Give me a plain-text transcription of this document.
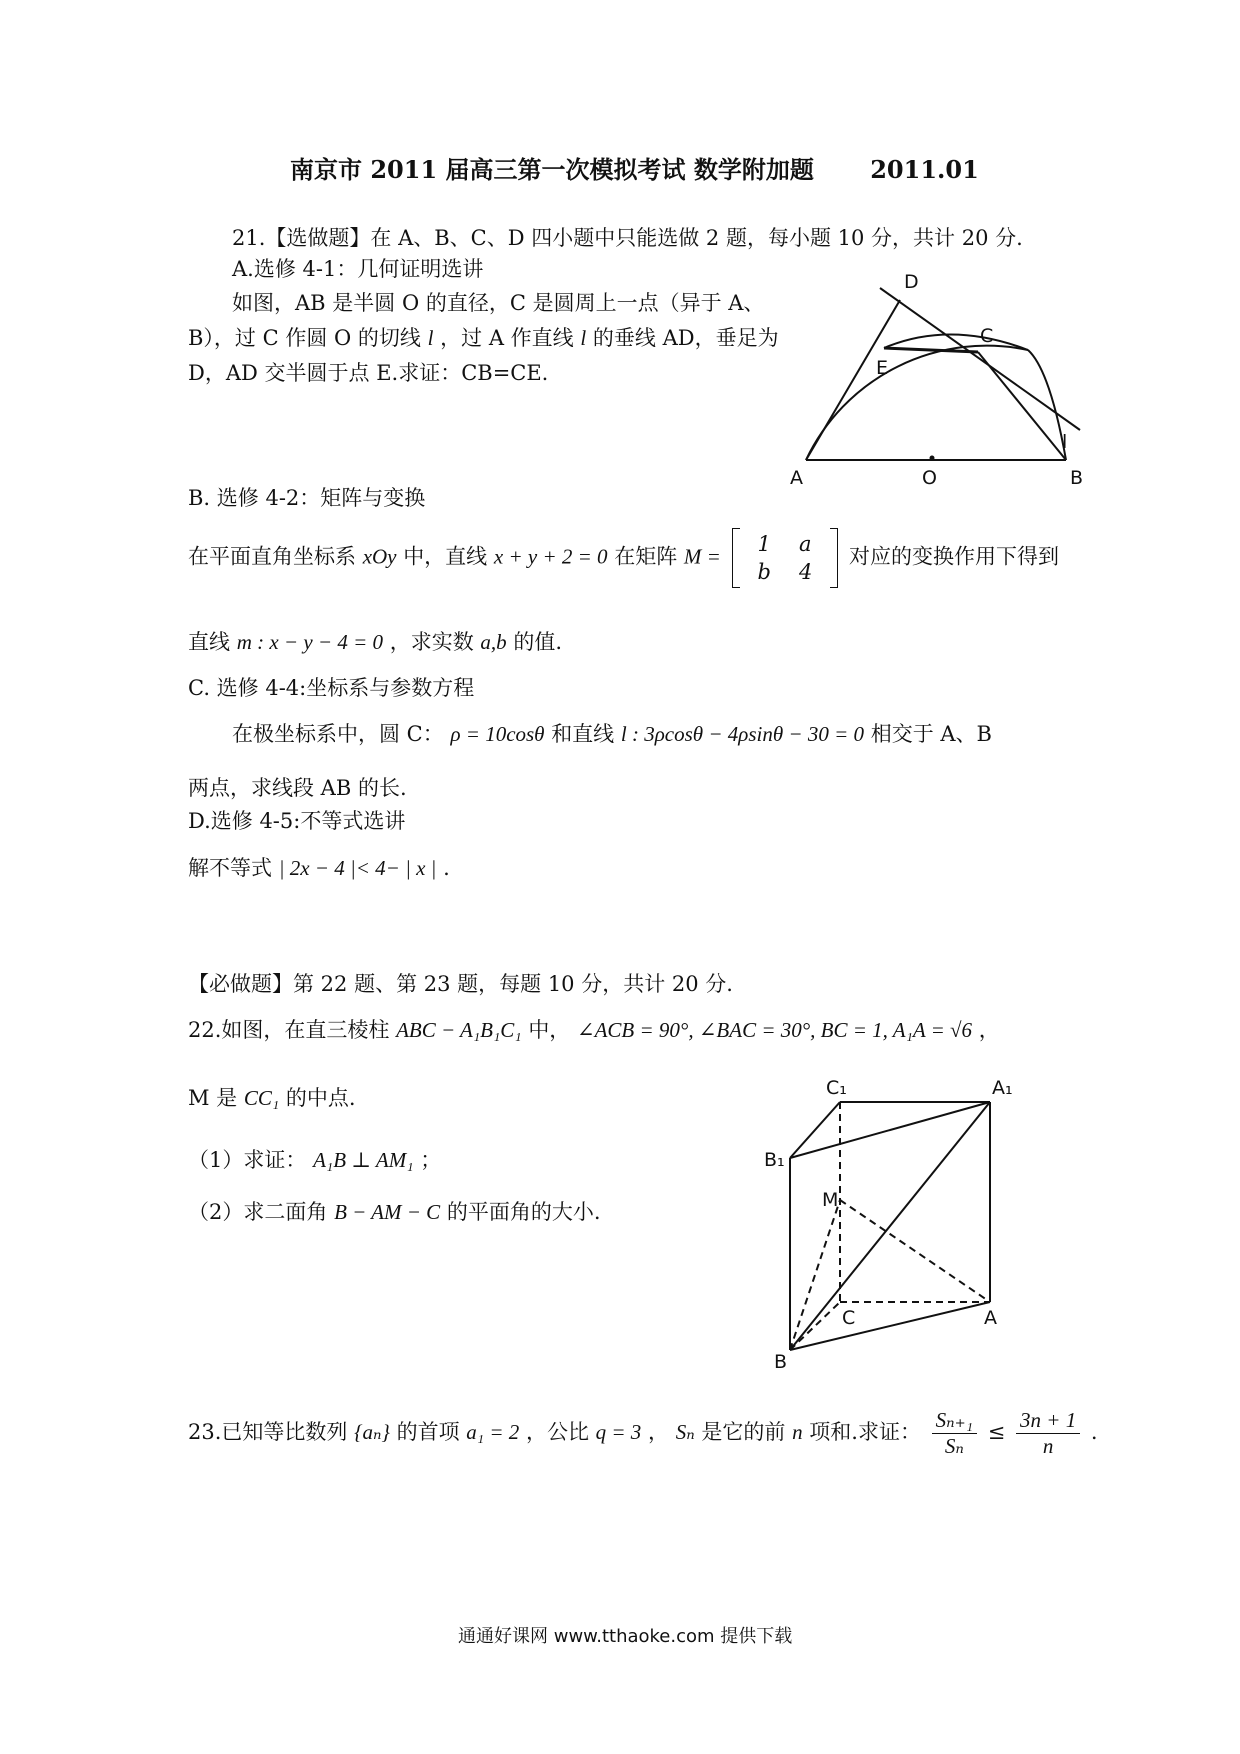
南京市 2011 届高三第一次模拟考试 数学附加题 2011.01
21.【选做题】在 A、B、C、D 四小题中只能选做 2 题，每小题 10 分，共计 20 分.
A.选修 4-1：几何证明选讲
如图，AB 是半圆 O 的直径，C 是圆周上一点（异于 A、
B），过 C 作圆 O 的切线 l ，过 A 作直线 l 的垂线 AD，垂足为
D，AD 交半圆于点 E.求证：CB=CE.
A	B
C
D
E
O
l
B. 选修 4-2：矩阵与变换
在平面直角坐标系 xOy 中，直线 x + y + 2 = 0 在矩阵 M =
1	a
b	4
对应的变换作用下得到
直线 m : x − y − 4 = 0 ，求实数 a,b 的值.
C. 选修 4-4:坐标系与参数方程
在极坐标系中，圆 C： ρ = 10cosθ 和直线 l : 3ρcosθ − 4ρsinθ − 30 = 0 相交于 A、B
两点，求线段 AB 的长.
D.选修 4-5:不等式选讲
解不等式 | 2x − 4 |< 4− | x | .
【必做题】第 22 题、第 23 题，每题 10 分，共计 20 分.
22.如图，在直三棱柱 ABC − A₁B₁C₁ 中， ∠ACB = 90°, ∠BAC = 30°, BC = 1, A₁A = √6 ，
M 是 CC₁ 的中点.
（1）求证： A₁B ⊥ AM₁ ；
（2）求二面角 B − AM − C 的平面角的大小.
C₁	A₁
B₁
M
C	A
B
23.已知等比数列 {aₙ} 的首项 a₁ = 2 ，公比 q = 3 ， Sₙ 是它的前 n 项和.求证： $\frac{\text{Sₙ₊₁}}{\text{Sₙ}} \le \frac{3n + 1}{n}$ .
通通好课网 www.tthaoke.com 提供下载
